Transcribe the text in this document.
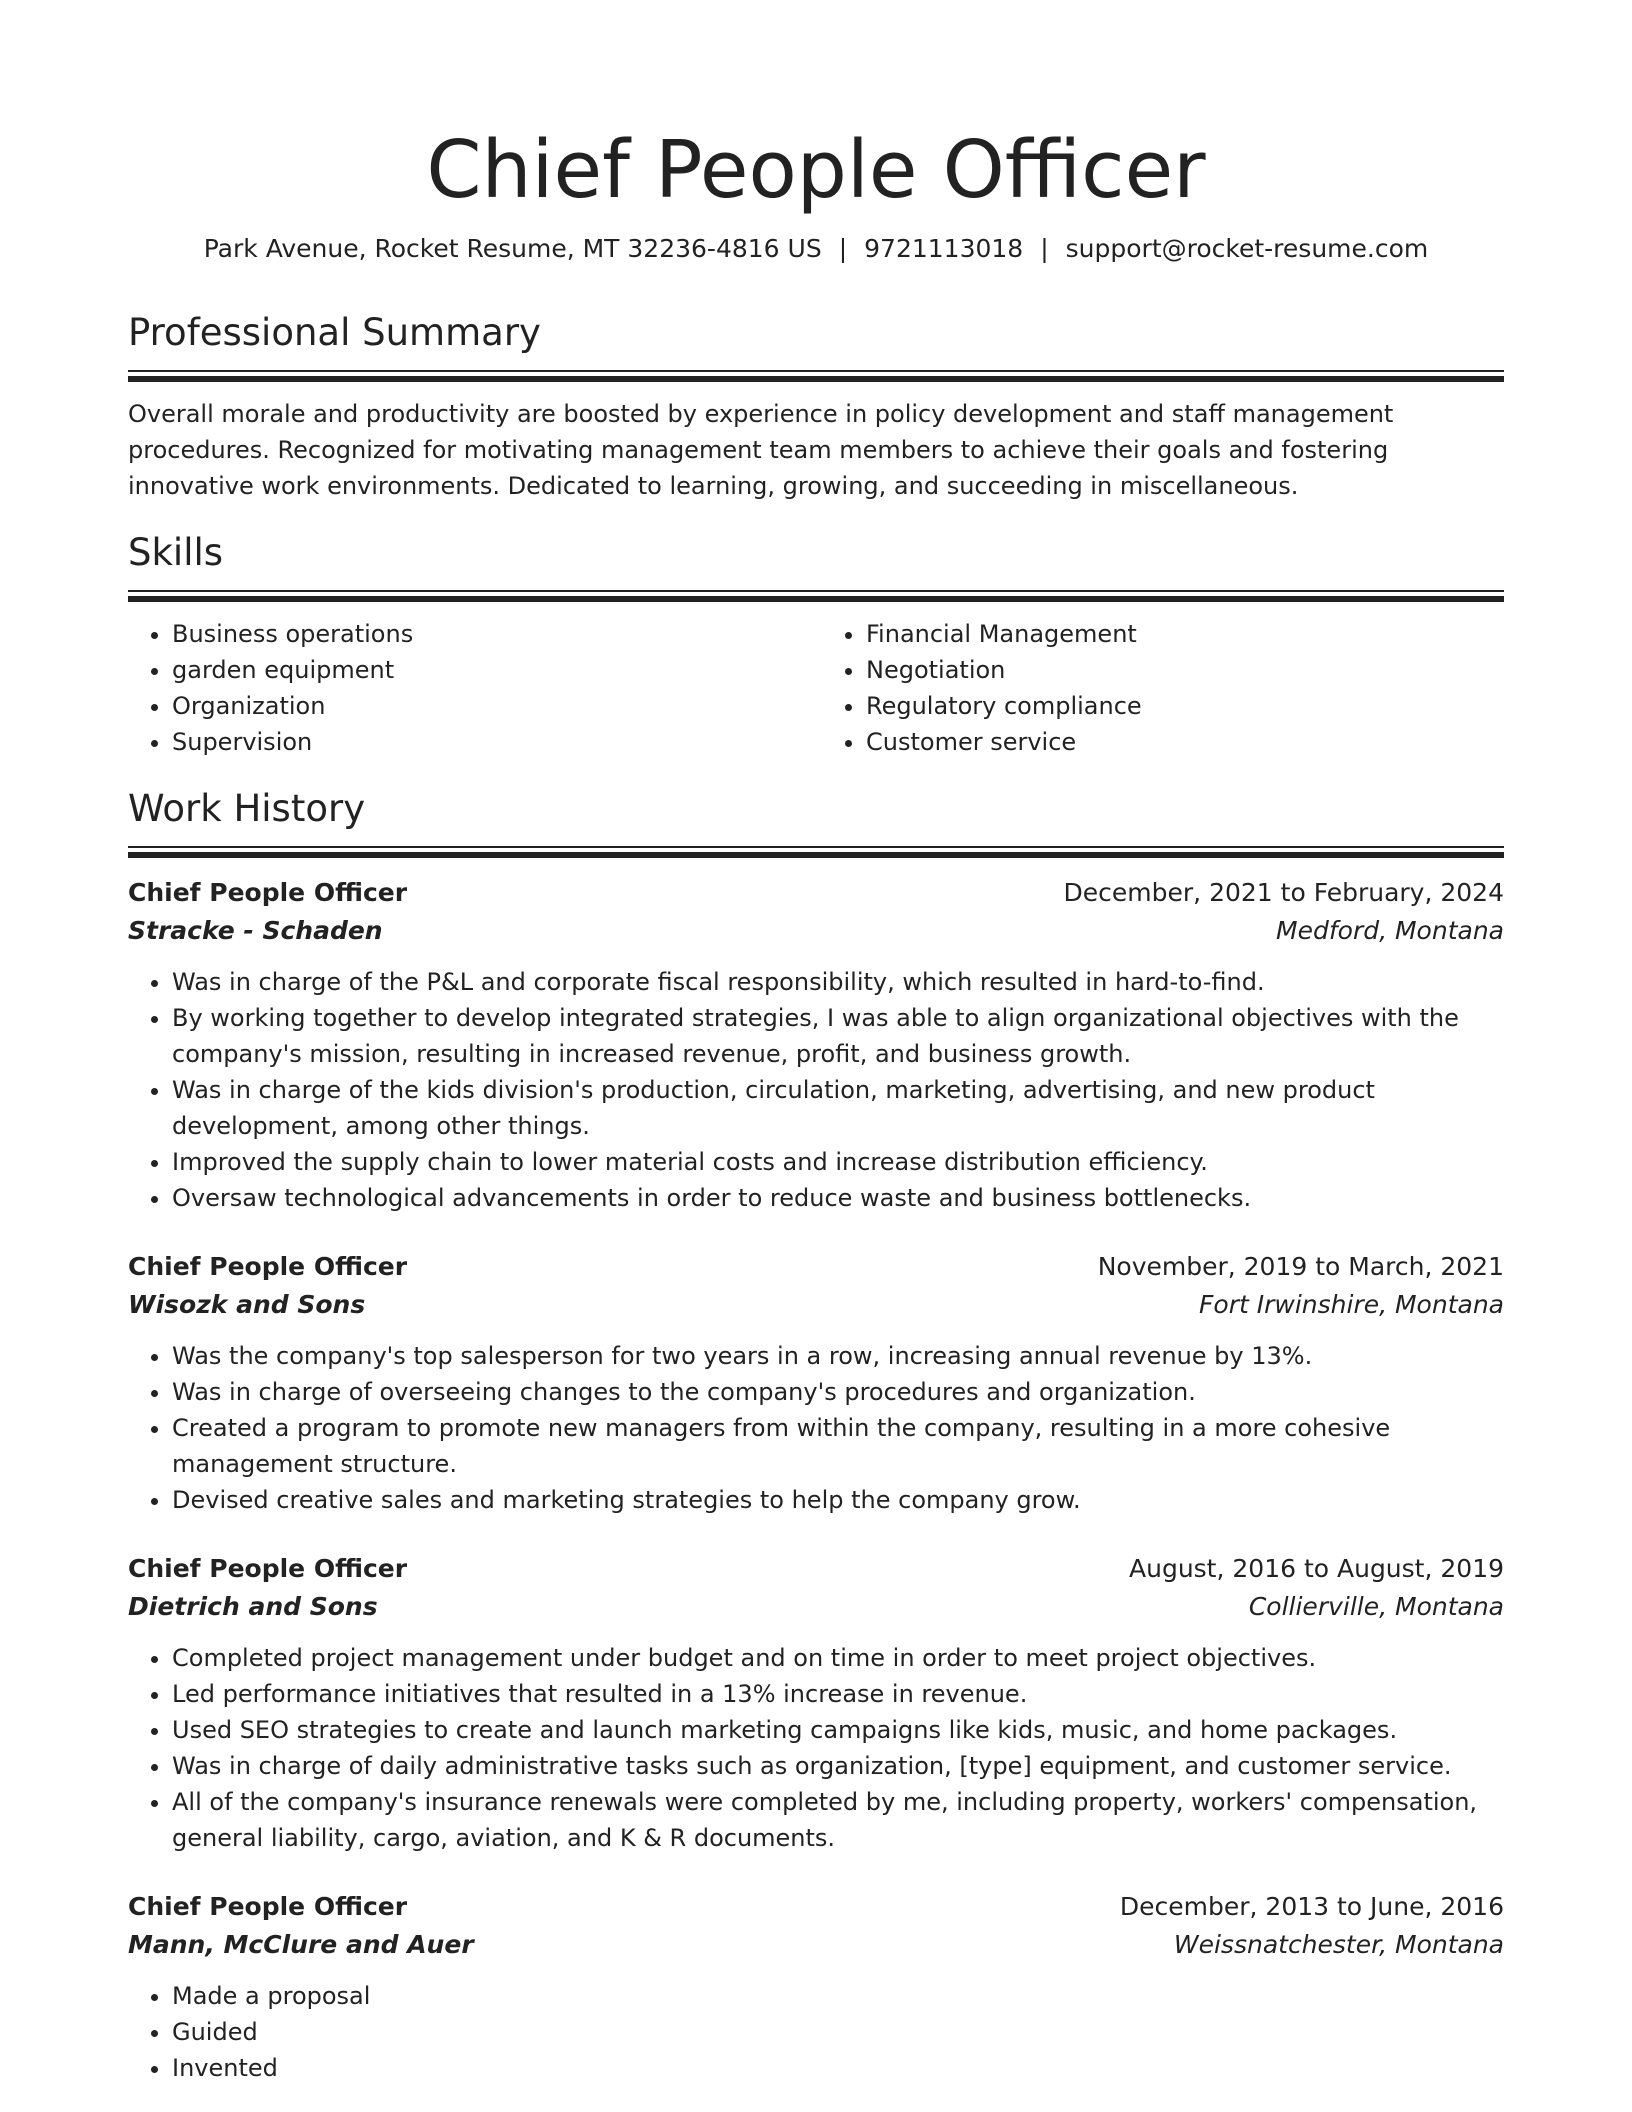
Chief People Officer
Park Avenue, Rocket Resume, MT 32236-4816 US | 9721113018 | support@rocket-resume.com
Professional Summary

Overall morale and productivity are boosted by experience in policy development and staff management procedures. Recognized for motivating management team members to achieve their goals and fostering innovative work environments. Dedicated to learning, growing, and succeeding in miscellaneous.

Skills
• Business operations
• garden equipment
• Organization
• Supervision
• Financial Management
• Negotiation
• Regulatory compliance
• Customer service
Work History
Chief People Officer	December, 2021 to February, 2024
Stracke - Schaden	Medford, Montana
• Was in charge of the P&L and corporate fiscal responsibility, which resulted in hard-to-find.
• By working together to develop integrated strategies, I was able to align organizational objectives with the company's mission, resulting in increased revenue, profit, and business growth.
• Was in charge of the kids division's production, circulation, marketing, advertising, and new product development, among other things.
• Improved the supply chain to lower material costs and increase distribution efficiency.
• Oversaw technological advancements in order to reduce waste and business bottlenecks.
Chief People Officer	November, 2019 to March, 2021
Wisozk and Sons	Fort Irwinshire, Montana
• Was the company's top salesperson for two years in a row, increasing annual revenue by 13%.
• Was in charge of overseeing changes to the company's procedures and organization.
• Created a program to promote new managers from within the company, resulting in a more cohesive management structure.
• Devised creative sales and marketing strategies to help the company grow.
Chief People Officer	August, 2016 to August, 2019
Dietrich and Sons	Collierville, Montana
• Completed project management under budget and on time in order to meet project objectives.
• Led performance initiatives that resulted in a 13% increase in revenue.
• Used SEO strategies to create and launch marketing campaigns like kids, music, and home packages.
• Was in charge of daily administrative tasks such as organization, [type] equipment, and customer service.
• All of the company's insurance renewals were completed by me, including property, workers' compensation, general liability, cargo, aviation, and K & R documents.
Chief People Officer	December, 2013 to June, 2016
Mann, McClure and Auer	Weissnatchester, Montana
• Made a proposal
• Guided
• Invented
